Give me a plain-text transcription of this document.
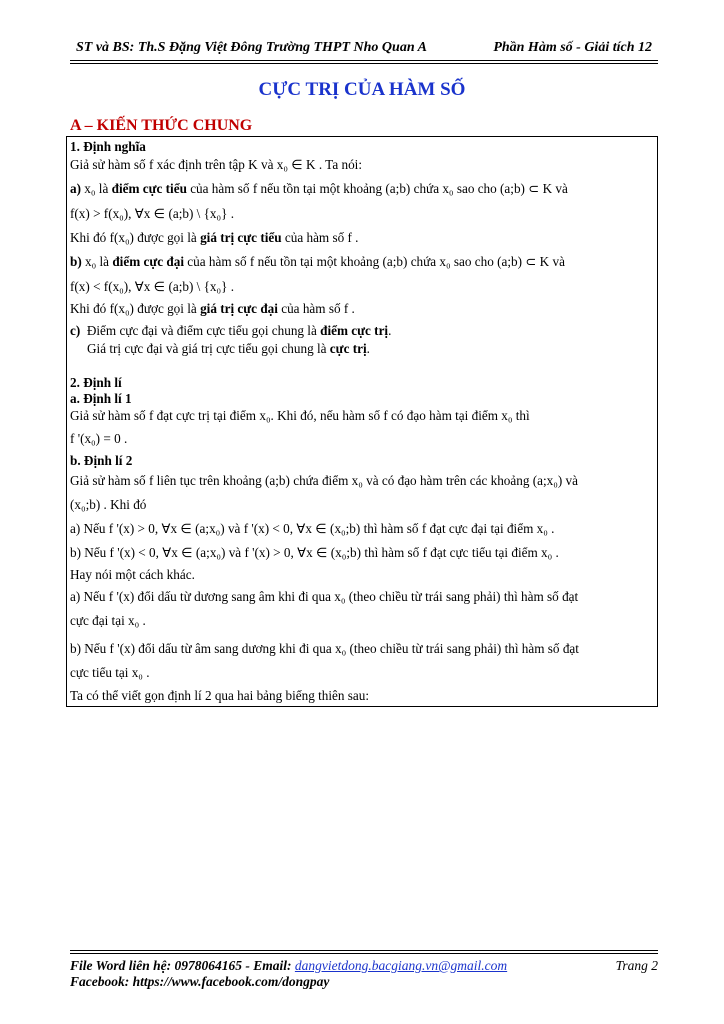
ST và BS: Th.S Đặng Việt Đông Trường THPT Nho Quan A	Phần Hàm số - Giải tích 12
CỰC TRỊ CỦA HÀM SỐ
A – KIẾN THỨC CHUNG
1. Định nghĩa
Giả sử hàm số f xác định trên tập K và x₀ ∈ K . Ta nói:
a) x₀ là điểm cực tiểu của hàm số f nếu tồn tại một khoảng (a;b) chứa x₀ sao cho (a;b) ⊂ K và
f(x) > f(x₀), ∀x ∈ (a;b) \ {x₀} .
Khi đó f(x₀) được gọi là giá trị cực tiểu của hàm số f .
b) x₀ là điểm cực đại của hàm số f nếu tồn tại một khoảng (a;b) chứa x₀ sao cho (a;b) ⊂ K và
f(x) < f(x₀), ∀x ∈ (a;b) \ {x₀} .
Khi đó f(x₀) được gọi là giá trị cực đại của hàm số f .
c) Điểm cực đại và điểm cực tiểu gọi chung là điểm cực trị.
Giá trị cực đại và giá trị cực tiểu gọi chung là cực trị.
2. Định lí
a. Định lí 1
Giả sử hàm số f đạt cực trị tại điểm x₀. Khi đó, nếu hàm số f có đạo hàm tại điểm x₀ thì
f '(x₀) = 0 .
b. Định lí 2
Giả sử hàm số f liên tục trên khoảng (a;b) chứa điểm x₀ và có đạo hàm trên các khoảng (a;x₀) và
(x₀;b) . Khi đó
a) Nếu f '(x) > 0, ∀x ∈ (a;x₀) và f '(x) < 0, ∀x ∈ (x₀;b) thì hàm số f đạt cực đại tại điểm x₀ .
b) Nếu f '(x) < 0, ∀x ∈ (a;x₀) và f '(x) > 0, ∀x ∈ (x₀;b) thì hàm số f đạt cực tiểu tại điểm x₀ .
Hay nói một cách khác.
a) Nếu f '(x) đổi dấu từ dương sang âm khi đi qua x₀ (theo chiều từ trái sang phải) thì hàm số đạt
cực đại tại x₀ .
b) Nếu f '(x) đổi dấu từ âm sang dương khi đi qua x₀ (theo chiều từ trái sang phải) thì hàm số đạt
cực tiểu tại x₀ .
Ta có thể viết gọn định lí 2 qua hai bảng biếng thiên sau:
File Word liên hệ: 0978064165 - Email: dangvietdong.bacgiang.vn@gmail.com	Trang 2
Facebook: https://www.facebook.com/dongpay
